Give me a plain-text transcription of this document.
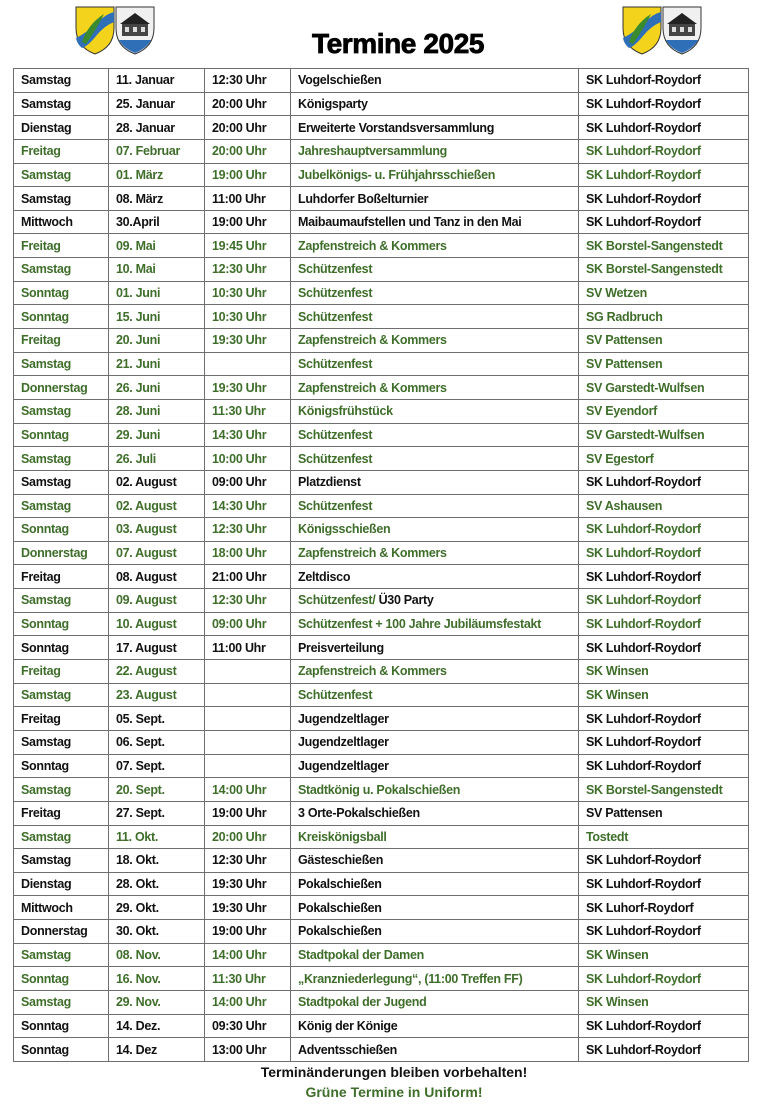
Termine 2025
Samstag	11. Januar	12:30 Uhr	Vogelschießen	SK Luhdorf-Roydorf
Samstag	25. Januar	20:00 Uhr	Königsparty	SK Luhdorf-Roydorf
Dienstag	28. Januar	20:00 Uhr	Erweiterte Vorstandsversammlung	SK Luhdorf-Roydorf
Freitag	07. Februar	20:00 Uhr	Jahreshauptversammlung	SK Luhdorf-Roydorf
Samstag	01. März	19:00 Uhr	Jubelkönigs- u. Frühjahrsschießen	SK Luhdorf-Roydorf
Samstag	08. März	11:00 Uhr	Luhdorfer Boßelturnier	SK Luhdorf-Roydorf
Mittwoch	30.April	19:00 Uhr	Maibaumaufstellen und Tanz in den Mai	SK Luhdorf-Roydorf
Freitag	09. Mai	19:45 Uhr	Zapfenstreich & Kommers	SK Borstel-Sangenstedt
Samstag	10. Mai	12:30 Uhr	Schützenfest	SK Borstel-Sangenstedt
Sonntag	01. Juni	10:30 Uhr	Schützenfest	SV Wetzen
Sonntag	15. Juni	10:30 Uhr	Schützenfest	SG Radbruch
Freitag	20. Juni	19:30 Uhr	Zapfenstreich & Kommers	SV Pattensen
Samstag	21. Juni		Schützenfest	SV Pattensen
Donnerstag	26. Juni	19:30 Uhr	Zapfenstreich & Kommers	SV Garstedt-Wulfsen
Samstag	28. Juni	11:30 Uhr	Königsfrühstück	SV Eyendorf
Sonntag	29. Juni	14:30 Uhr	Schützenfest	SV Garstedt-Wulfsen
Samstag	26. Juli	10:00 Uhr	Schützenfest	SV Egestorf
Samstag	02. August	09:00 Uhr	Platzdienst	SK Luhdorf-Roydorf
Samstag	02. August	14:30 Uhr	Schützenfest	SV Ashausen
Sonntag	03. August	12:30 Uhr	Königsschießen	SK Luhdorf-Roydorf
Donnerstag	07. August	18:00 Uhr	Zapfenstreich & Kommers	SK Luhdorf-Roydorf
Freitag	08. August	21:00 Uhr	Zeltdisco	SK Luhdorf-Roydorf
Samstag	09. August	12:30 Uhr	Schützenfest/ Ü30 Party	SK Luhdorf-Roydorf
Sonntag	10. August	09:00 Uhr	Schützenfest + 100 Jahre Jubiläumsfestakt	SK Luhdorf-Roydorf
Sonntag	17. August	11:00 Uhr	Preisverteilung	SK Luhdorf-Roydorf
Freitag	22. August		Zapfenstreich & Kommers	SK Winsen
Samstag	23. August		Schützenfest	SK Winsen
Freitag	05. Sept.		Jugendzeltlager	SK Luhdorf-Roydorf
Samstag	06. Sept.		Jugendzeltlager	SK Luhdorf-Roydorf
Sonntag	07. Sept.		Jugendzeltlager	SK Luhdorf-Roydorf
Samstag	20. Sept.	14:00 Uhr	Stadtkönig u. Pokalschießen	SK Borstel-Sangenstedt
Freitag	27. Sept.	19:00 Uhr	3 Orte-Pokalschießen	SV Pattensen
Samstag	11. Okt.	20:00 Uhr	Kreiskönigsball	Tostedt
Samstag	18. Okt.	12:30 Uhr	Gästeschießen	SK Luhdorf-Roydorf
Dienstag	28. Okt.	19:30 Uhr	Pokalschießen	SK Luhdorf-Roydorf
Mittwoch	29. Okt.	19:30 Uhr	Pokalschießen	SK Luhorf-Roydorf
Donnerstag	30. Okt.	19:00 Uhr	Pokalschießen	SK Luhdorf-Roydorf
Samstag	08. Nov.	14:00 Uhr	Stadtpokal der Damen	SK Winsen
Sonntag	16. Nov.	11:30 Uhr	„Kranzniederlegung“, (11:00 Treffen FF)	SK Luhdorf-Roydorf
Samstag	29. Nov.	14:00 Uhr	Stadtpokal der Jugend	SK Winsen
Sonntag	14. Dez.	09:30 Uhr	König der Könige	SK Luhdorf-Roydorf
Sonntag	14. Dez	13:00 Uhr	Adventsschießen	SK Luhdorf-Roydorf
Terminänderungen bleiben vorbehalten!
Grüne Termine in Uniform!
